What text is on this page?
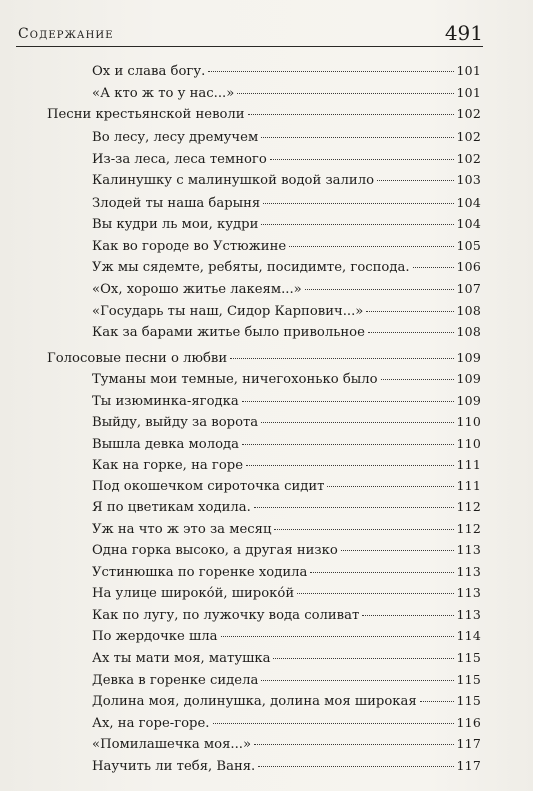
Содержание	491
Ох и слава богу.	101
«А кто ж то у нас...»	101
Песни крестьянской неволи	102
Во лесу, лесу дремучем	102
Из-за леса, леса темного	102
Калинушку с малинушкой водой залило	103
Злодей ты наша барыня	104
Вы кудри ль мои, кудри	104
Как во городе во Устюжине	105
Уж мы сядемте, ребяты, посидимте, господа.	106
«Ох, хорошо житье лакеям...»	107
«Государь ты наш, Сидор Карпович...»	108
Как за барами житье было привольное	108
Голосовые песни о любви	109
Туманы мои темные, ничегохонько было	109
Ты изюминка-ягодка	109
Выйду, выйду за ворота	110
Вышла девка молода	110
Как на горке, на горе	111
Под окошечком сироточка сидит	111
Я по цветикам ходила.	112
Уж на что ж это за месяц	112
Одна горка высоко, а другая низко	113
Устинюшка по горенке ходила	113
На улице широко́й, широко́й	113
Как по лугу, по лужочку вода соливат	113
По жердочке шла	114
Ах ты мати моя, матушка	115
Девка в горенке сидела	115
Долина моя, долинушка, долина моя широкая	115
Ах, на горе-горе.	116
«Помилашечка моя...»	117
Научить ли тебя, Ваня.	117
